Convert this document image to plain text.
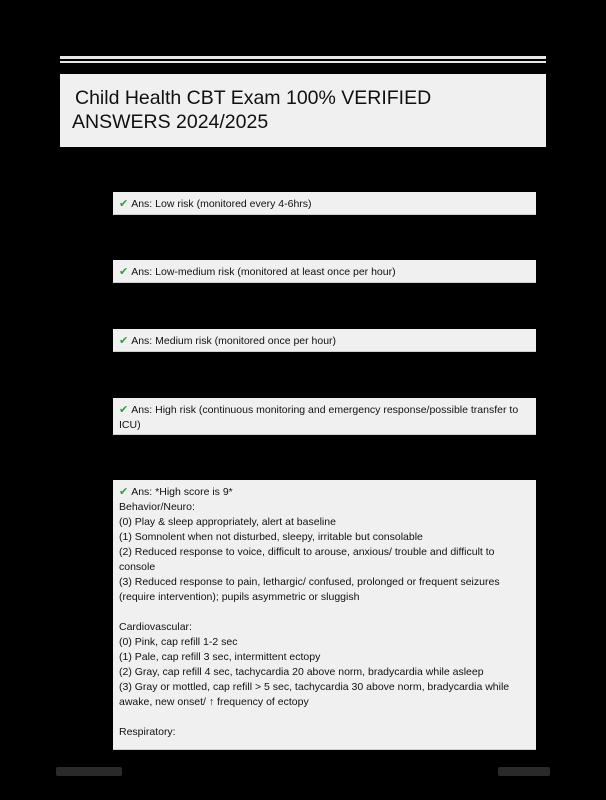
Child Health CBT Exam 100% VERIFIED
ANSWERS 2024/2025
✔ Ans: Low risk (monitored every 4-6hrs)
✔ Ans: Low-medium risk (monitored at least once per hour)
✔ Ans: Medium risk (monitored once per hour)
✔ Ans: High risk (continuous monitoring and emergency response/possible transfer to ICU)
✔ Ans: *High score is 9*
Behavior/Neuro:
(0) Play & sleep appropriately, alert at baseline
(1) Somnolent when not disturbed, sleepy, irritable but consolable
(2) Reduced response to voice, difficult to arouse, anxious/ trouble and difficult to
console
(3) Reduced response to pain, lethargic/ confused, prolonged or frequent seizures
(require intervention); pupils asymmetric or sluggish
Cardiovascular:
(0) Pink, cap refill 1-2 sec
(1) Pale, cap refill 3 sec, intermittent ectopy
(2) Gray, cap refill 4 sec, tachycardia 20 above norm, bradycardia while asleep
(3) Gray or mottled, cap refill > 5 sec, tachycardia 30 above norm, bradycardia while
awake, new onset/ ↑ frequency of ectopy
Respiratory:
